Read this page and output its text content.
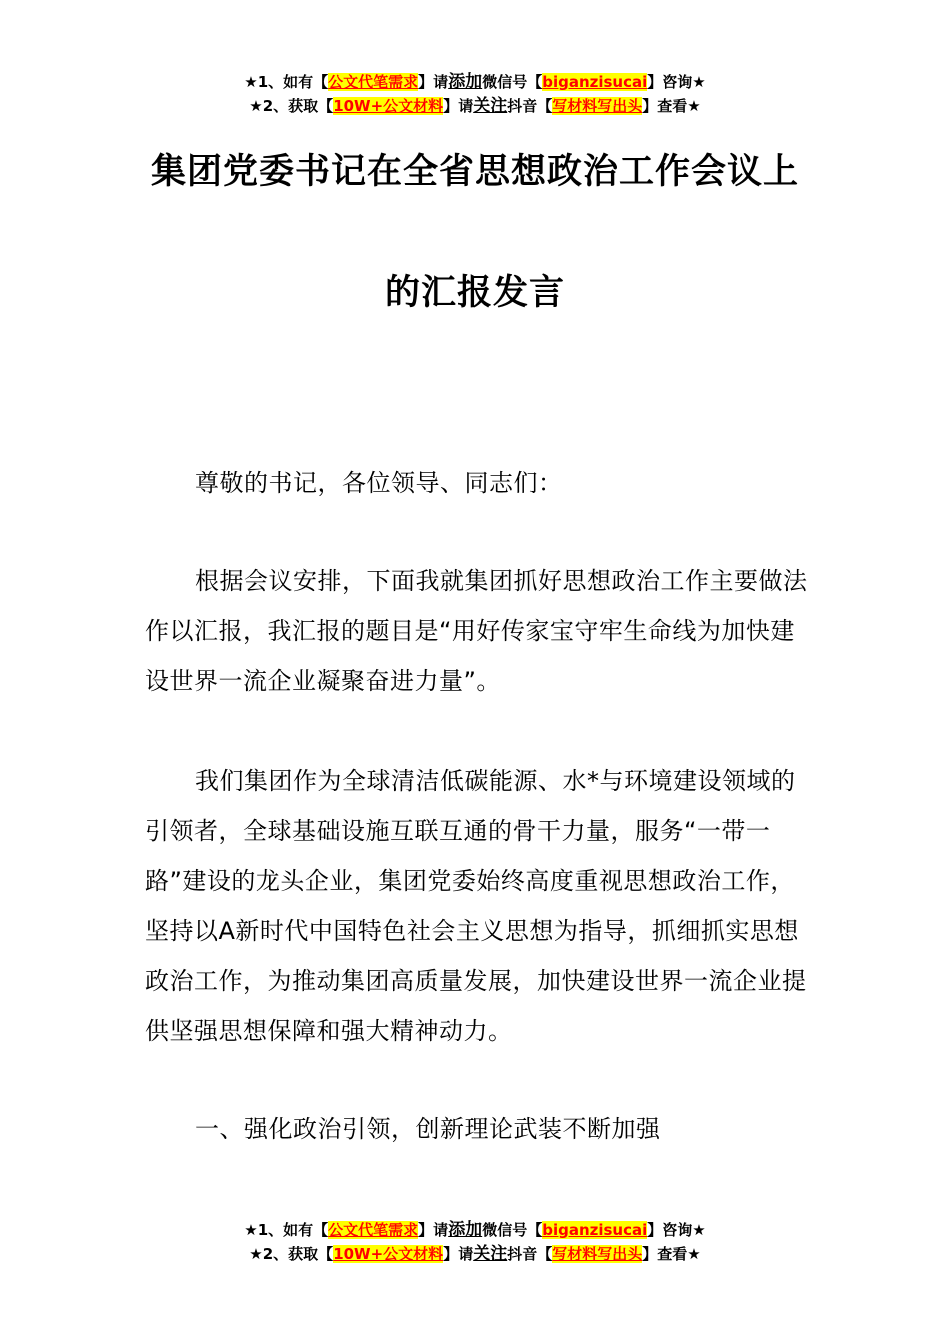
★1、如有【公文代笔需求】请添加微信号【biganzisucai】咨询★
★2、获取【10W+公文材料】请关注抖音【写材料写出头】查看★
集团党委书记在全省思想政治工作会议上
的汇报发言
尊敬的书记，各位领导、同志们：
根据会议安排，下面我就集团抓好思想政治工作主要做法作以汇报，我汇报的题目是“用好传家宝守牢生命线为加快建设世界一流企业凝聚奋进力量”。
我们集团作为全球清洁低碳能源、水*与环境建设领域的引领者，全球基础设施互联互通的骨干力量，服务“一带一路”建设的龙头企业，集团党委始终高度重视思想政治工作，坚持以A新时代中国特色社会主义思想为指导，抓细抓实思想政治工作，为推动集团高质量发展，加快建设世界一流企业提供坚强思想保障和强大精神动力。
一、强化政治引领，创新理论武装不断加强
★1、如有【公文代笔需求】请添加微信号【biganzisucai】咨询★
★2、获取【10W+公文材料】请关注抖音【写材料写出头】查看★
